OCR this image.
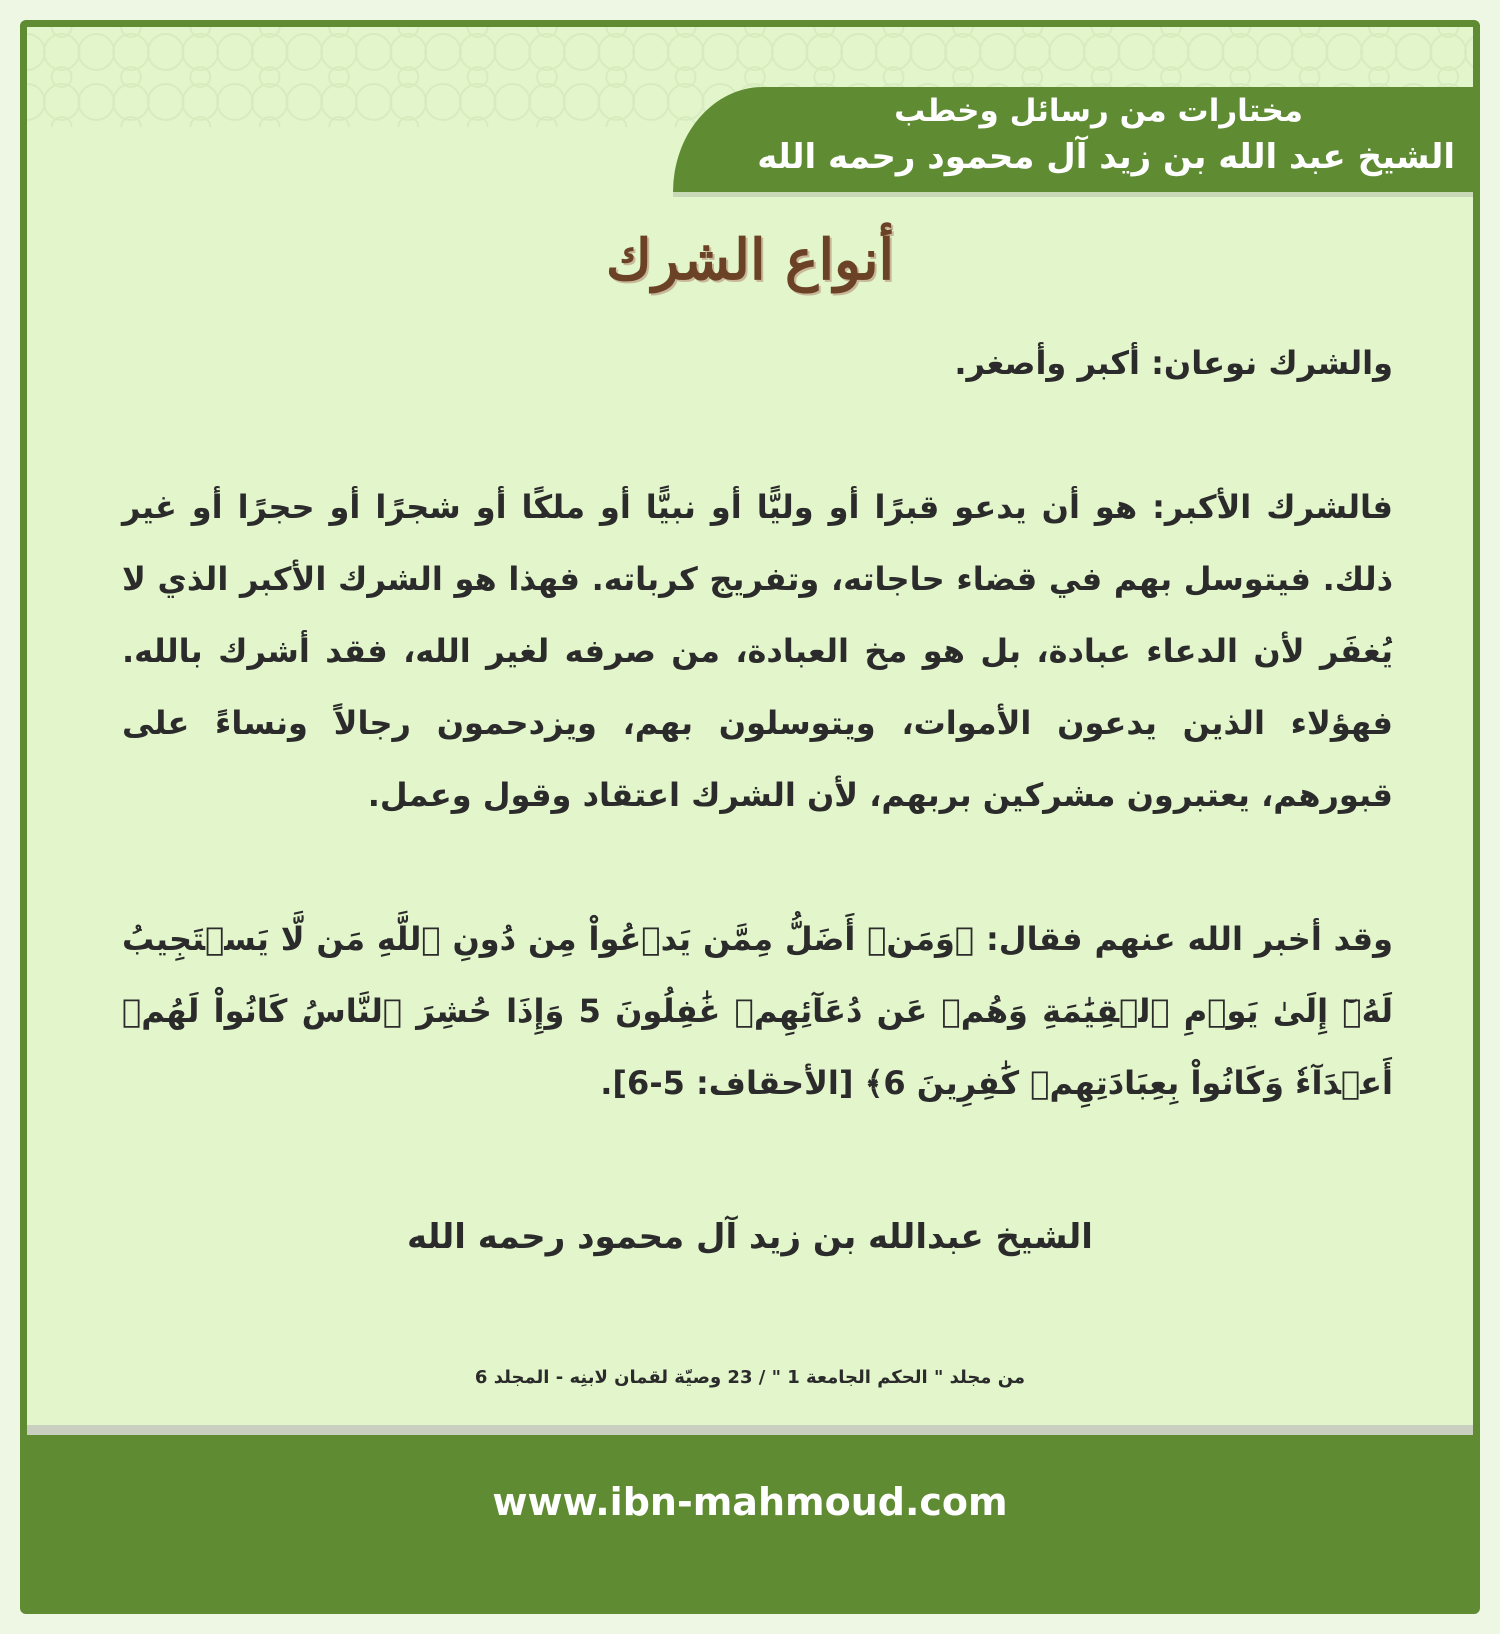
مختارات من رسائل وخطب
الشيخ عبد الله بن زيد آل محمود رحمه الله
أنواع الشرك

والشرك نوعان: أكبر وأصغر.

فالشرك الأكبر: هو أن يدعو قبرًا أو وليًّا أو نبيًّا أو ملكًا أو شجرًا أو حجرًا أو غير ذلك. فيتوسل بهم في قضاء حاجاته، وتفريج كرباته. فهذا هو الشرك الأكبر الذي لا يُغفَر لأن الدعاء عبادة، بل هو مخ العبادة، من صرفه لغير الله، فقد أشرك بالله. فهؤلاء الذين يدعون الأموات، ويتوسلون بهم، ويزدحمون رجالاً ونساءً على قبورهم، يعتبرون مشركين بربهم، لأن الشرك اعتقاد وقول وعمل.

وقد أخبر الله عنهم فقال: ﴿وَمَنۡ أَضَلُّ مِمَّن يَدۡعُواْ مِن دُونِ ٱللَّهِ مَن لَّا يَسۡتَجِيبُ لَهُۥٓ إِلَىٰ يَوۡمِ ٱلۡقِيَٰمَةِ وَهُمۡ عَن دُعَآئِهِمۡ غَٰفِلُونَ 5 وَإِذَا حُشِرَ ٱلنَّاسُ كَانُواْ لَهُمۡ أَعۡدَآءٗ وَكَانُواْ بِعِبَادَتِهِمۡ كَٰفِرِينَ 6﴾ [الأحقاف: 5-6].

الشيخ عبدالله بن زيد آل محمود رحمه الله
من مجلد " الحكم الجامعة 1 " / 23 وصيّة لقمان لابنِه - المجلد 6
www.ibn-mahmoud.com
